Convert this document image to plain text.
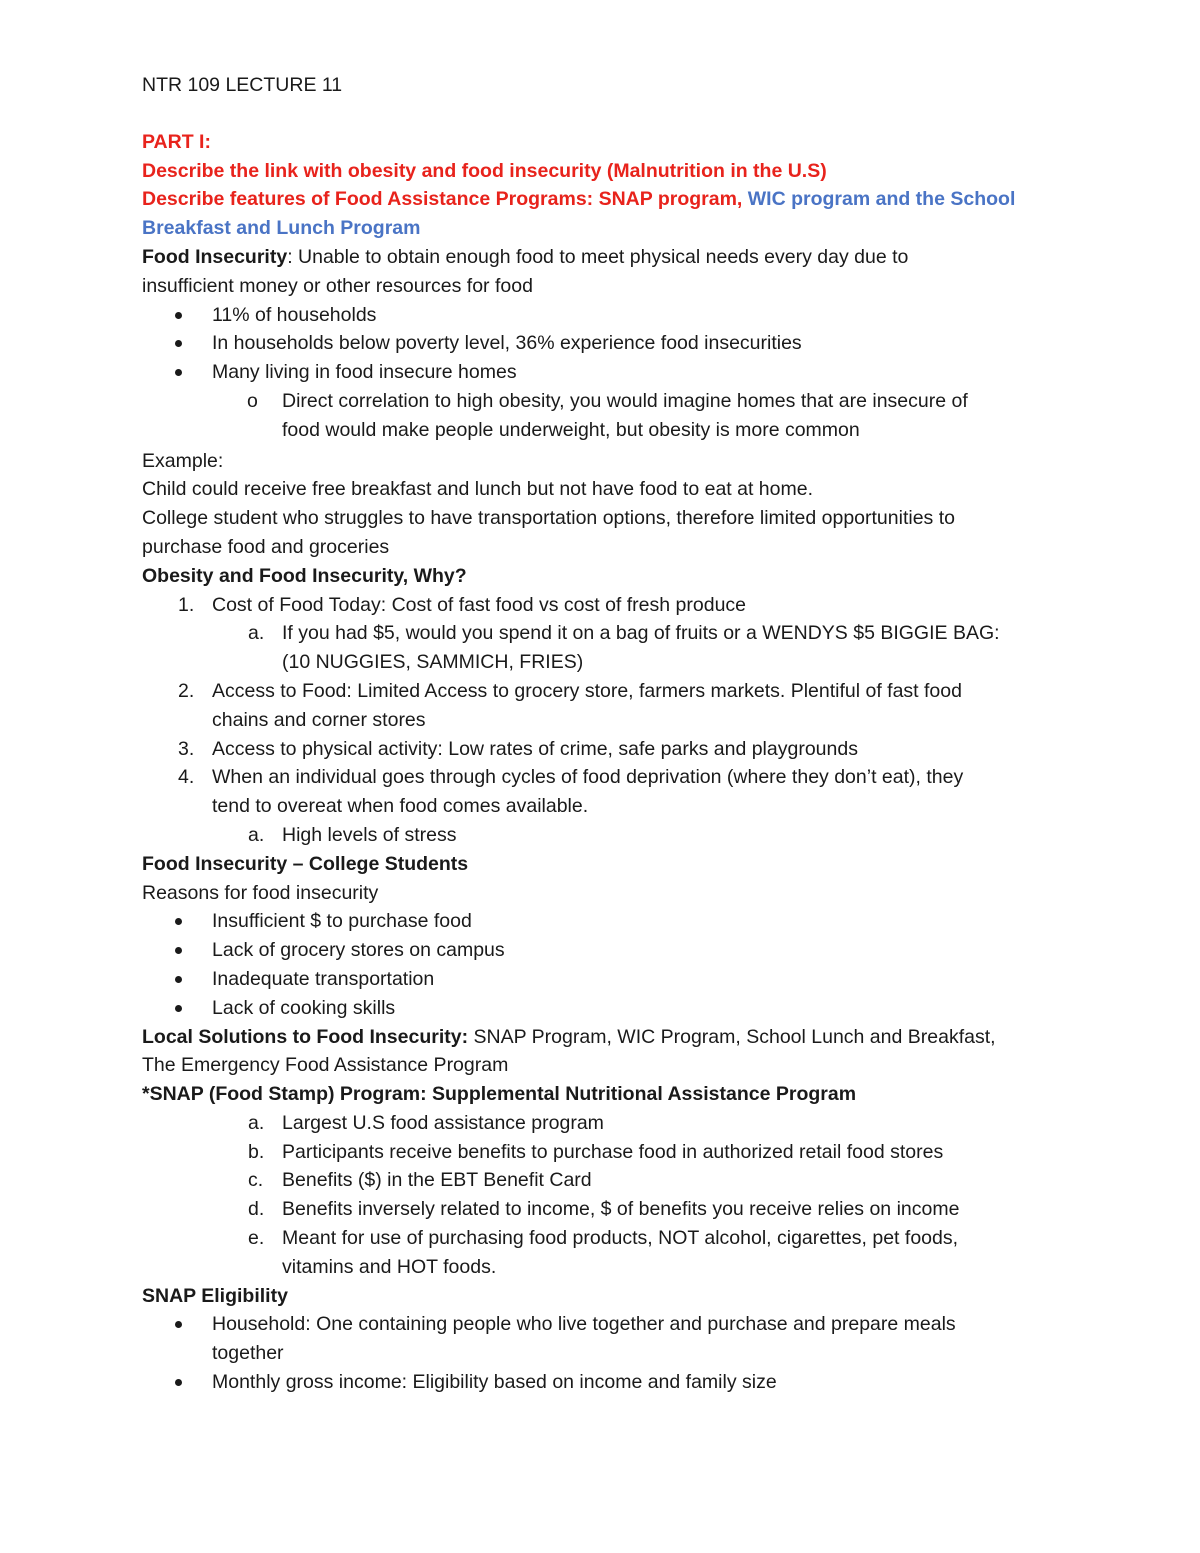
NTR 109 LECTURE 11
PART I:
Describe the link with obesity and food insecurity (Malnutrition in the U.S)
Describe features of Food Assistance Programs: SNAP program, WIC program and the School
Breakfast and Lunch Program
Food Insecurity: Unable to obtain enough food to meet physical needs every day due to
insufficient money or other resources for food
11% of households
In households below poverty level, 36% experience food insecurities
Many living in food insecure homes
o Direct correlation to high obesity, you would imagine homes that are insecure of
food would make people underweight, but obesity is more common
Example:
Child could receive free breakfast and lunch but not have food to eat at home.
College student who struggles to have transportation options, therefore limited opportunities to
purchase food and groceries
Obesity and Food Insecurity, Why?
1. Cost of Food Today: Cost of fast food vs cost of fresh produce
a. If you had $5, would you spend it on a bag of fruits or a WENDYS $5 BIGGIE BAG:
(10 NUGGIES, SAMMICH, FRIES)
2. Access to Food: Limited Access to grocery store, farmers markets. Plentiful of fast food
chains and corner stores
3. Access to physical activity: Low rates of crime, safe parks and playgrounds
4. When an individual goes through cycles of food deprivation (where they don’t eat), they
tend to overeat when food comes available.
a. High levels of stress
Food Insecurity – College Students
Reasons for food insecurity
Insufficient $ to purchase food
Lack of grocery stores on campus
Inadequate transportation
Lack of cooking skills
Local Solutions to Food Insecurity: SNAP Program, WIC Program, School Lunch and Breakfast,
The Emergency Food Assistance Program
*SNAP (Food Stamp) Program: Supplemental Nutritional Assistance Program
a. Largest U.S food assistance program
b. Participants receive benefits to purchase food in authorized retail food stores
c. Benefits ($) in the EBT Benefit Card
d. Benefits inversely related to income, $ of benefits you receive relies on income
e. Meant for use of purchasing food products, NOT alcohol, cigarettes, pet foods,
vitamins and HOT foods.
SNAP Eligibility
Household: One containing people who live together and purchase and prepare meals
together
Monthly gross income: Eligibility based on income and family size
